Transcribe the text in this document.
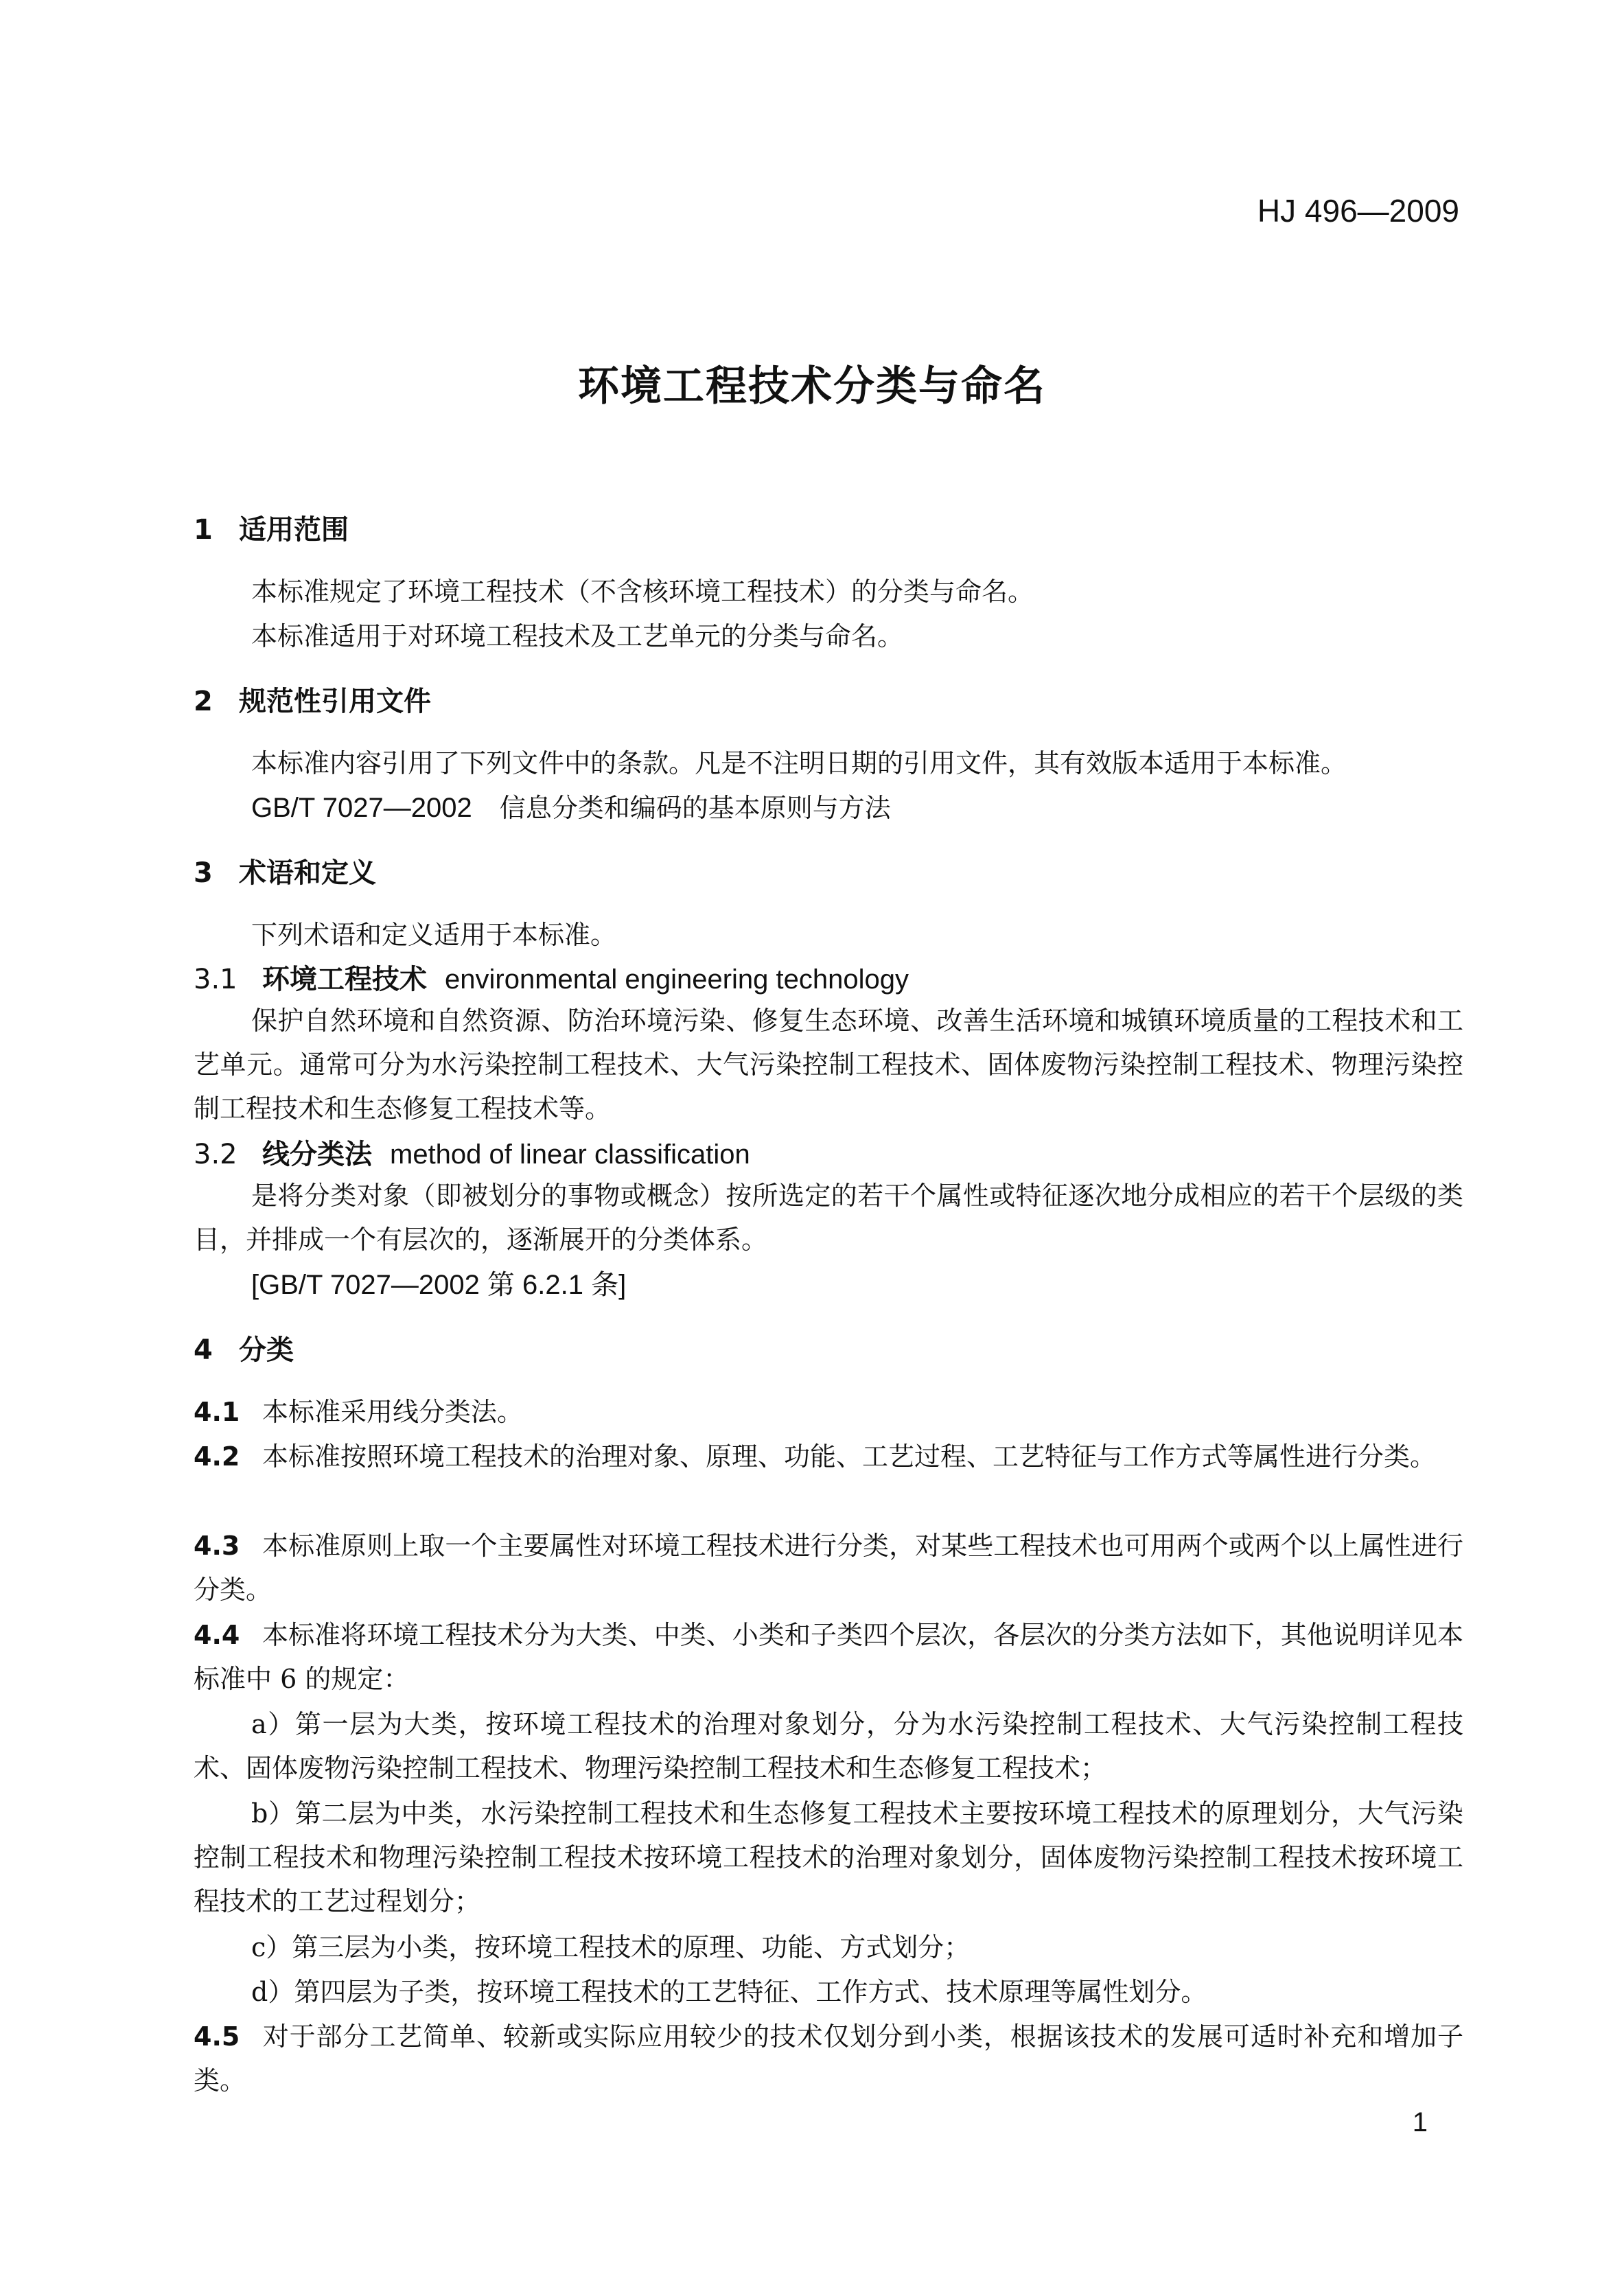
HJ 496—2009
环境工程技术分类与命名
1 适用范围
本标准规定了环境工程技术（不含核环境工程技术）的分类与命名。
本标准适用于对环境工程技术及工艺单元的分类与命名。
2 规范性引用文件
本标准内容引用了下列文件中的条款。凡是不注明日期的引用文件，其有效版本适用于本标准。
GB/T 7027—2002 信息分类和编码的基本原则与方法
3 术语和定义
下列术语和定义适用于本标准。
3.1 环境工程技术 environmental engineering technology
保护自然环境和自然资源、防治环境污染、修复生态环境、改善生活环境和城镇环境质量的工程技术和工艺单元。通常可分为水污染控制工程技术、大气污染控制工程技术、固体废物污染控制工程技术、物理污染控制工程技术和生态修复工程技术等。
3.2 线分类法 method of linear classification
是将分类对象（即被划分的事物或概念）按所选定的若干个属性或特征逐次地分成相应的若干个层级的类目，并排成一个有层次的，逐渐展开的分类体系。
[GB/T 7027—2002 第 6.2.1 条]
4 分类
4.1 本标准采用线分类法。
4.2 本标准按照环境工程技术的治理对象、原理、功能、工艺过程、工艺特征与工作方式等属性进行分类。
4.3 本标准原则上取一个主要属性对环境工程技术进行分类，对某些工程技术也可用两个或两个以上属性进行分类。
4.4 本标准将环境工程技术分为大类、中类、小类和子类四个层次，各层次的分类方法如下，其他说明详见本标准中 6 的规定：
a）第一层为大类，按环境工程技术的治理对象划分，分为水污染控制工程技术、大气污染控制工程技术、固体废物污染控制工程技术、物理污染控制工程技术和生态修复工程技术；
b）第二层为中类，水污染控制工程技术和生态修复工程技术主要按环境工程技术的原理划分，大气污染控制工程技术和物理污染控制工程技术按环境工程技术的治理对象划分，固体废物污染控制工程技术按环境工程技术的工艺过程划分；
c）第三层为小类，按环境工程技术的原理、功能、方式划分；
d）第四层为子类，按环境工程技术的工艺特征、工作方式、技术原理等属性划分。
4.5 对于部分工艺简单、较新或实际应用较少的技术仅划分到小类，根据该技术的发展可适时补充和增加子类。
1
